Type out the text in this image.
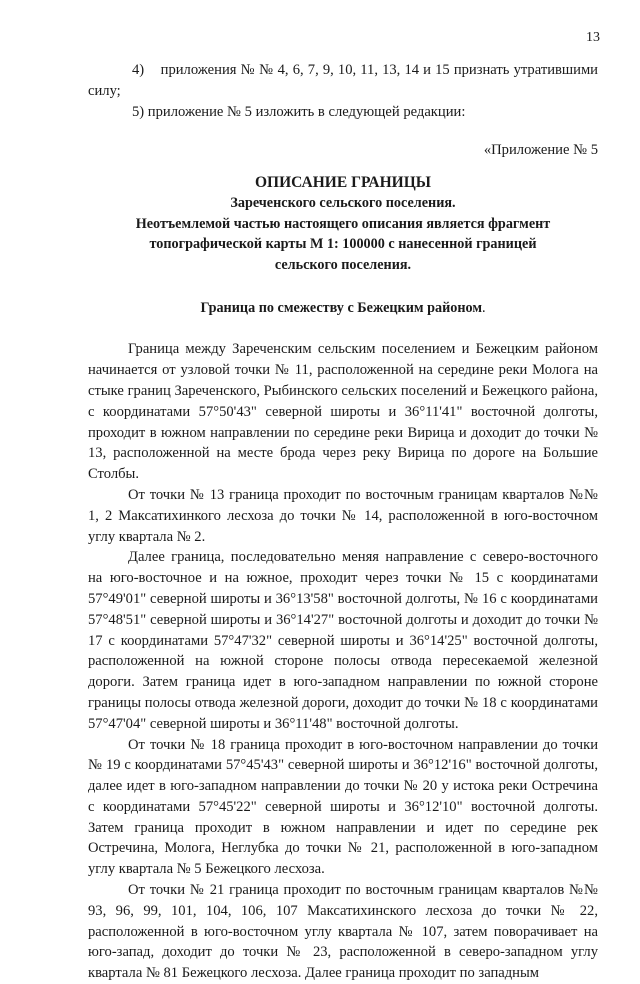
13

4)    приложения № № 4, 6, 7, 9, 10, 11, 13, 14 и 15 признать утратившими силу;

5) приложение № 5 изложить в следующей редакции:

«Приложение № 5

ОПИСАНИЕ ГРАНИЦЫ

Зареченского сельского поселения.

Неотъемлемой частью настоящего описания является фрагмент

топографической карты М 1: 100000 с нанесенной границей

сельского поселения.

Граница по смежеству с Бежецким районом.

Граница между Зареченским сельским поселением и Бежецким районом начинается от узловой точки № 11, расположенной на середине реки Молога на стыке границ Зареченского, Рыбинского сельских поселений и Бежецкого района, с координатами 57°50'43" северной широты и 36°11'41" восточной долготы, проходит в южном направлении по середине реки Вирица и доходит до точки № 13, расположенной на месте брода через реку Вирица по дороге на Большие Столбы.

От точки № 13 граница проходит по восточным границам кварталов №№ 1, 2 Максатихинкого лесхоза до точки № 14, расположенной в юго-восточном углу квартала № 2.

Далее граница, последовательно меняя направление с северо-восточного на юго-восточное и на южное, проходит через точки № 15 с координатами 57°49'01" северной широты и 36°13'58" восточной долготы, № 16 с координатами 57°48'51" северной широты и 36°14'27" восточной долготы и доходит до точки № 17 с координатами 57°47'32" северной широты и 36°14'25" восточной долготы, расположенной на южной стороне полосы отвода пересекаемой железной дороги. Затем граница идет в юго-западном направлении по южной стороне границы полосы отвода железной дороги, доходит до точки № 18 с координатами 57°47'04" северной широты и 36°11'48" восточной долготы.

От точки № 18 граница проходит в юго-восточном направлении до точки № 19 с координатами 57°45'43" северной широты и 36°12'16" восточной долготы, далее идет в юго-западном направлении до точки № 20 у истока реки Остречина с координатами 57°45'22" северной широты и 36°12'10" восточной долготы. Затем граница проходит в южном направлении и идет по середине рек Остречина, Молога, Неглубка до точки № 21, расположенной в юго-западном углу квартала № 5 Бежецкого лесхоза.

От точки № 21 граница проходит по восточным границам кварталов №№ 93, 96, 99, 101, 104, 106, 107 Максатихинского лесхоза до точки № 22, расположенной в юго-восточном углу квартала № 107, затем поворачивает на юго-запад, доходит до точки № 23, расположенной в северо-западном углу квартала № 81 Бежецкого лесхоза. Далее граница проходит по западным
